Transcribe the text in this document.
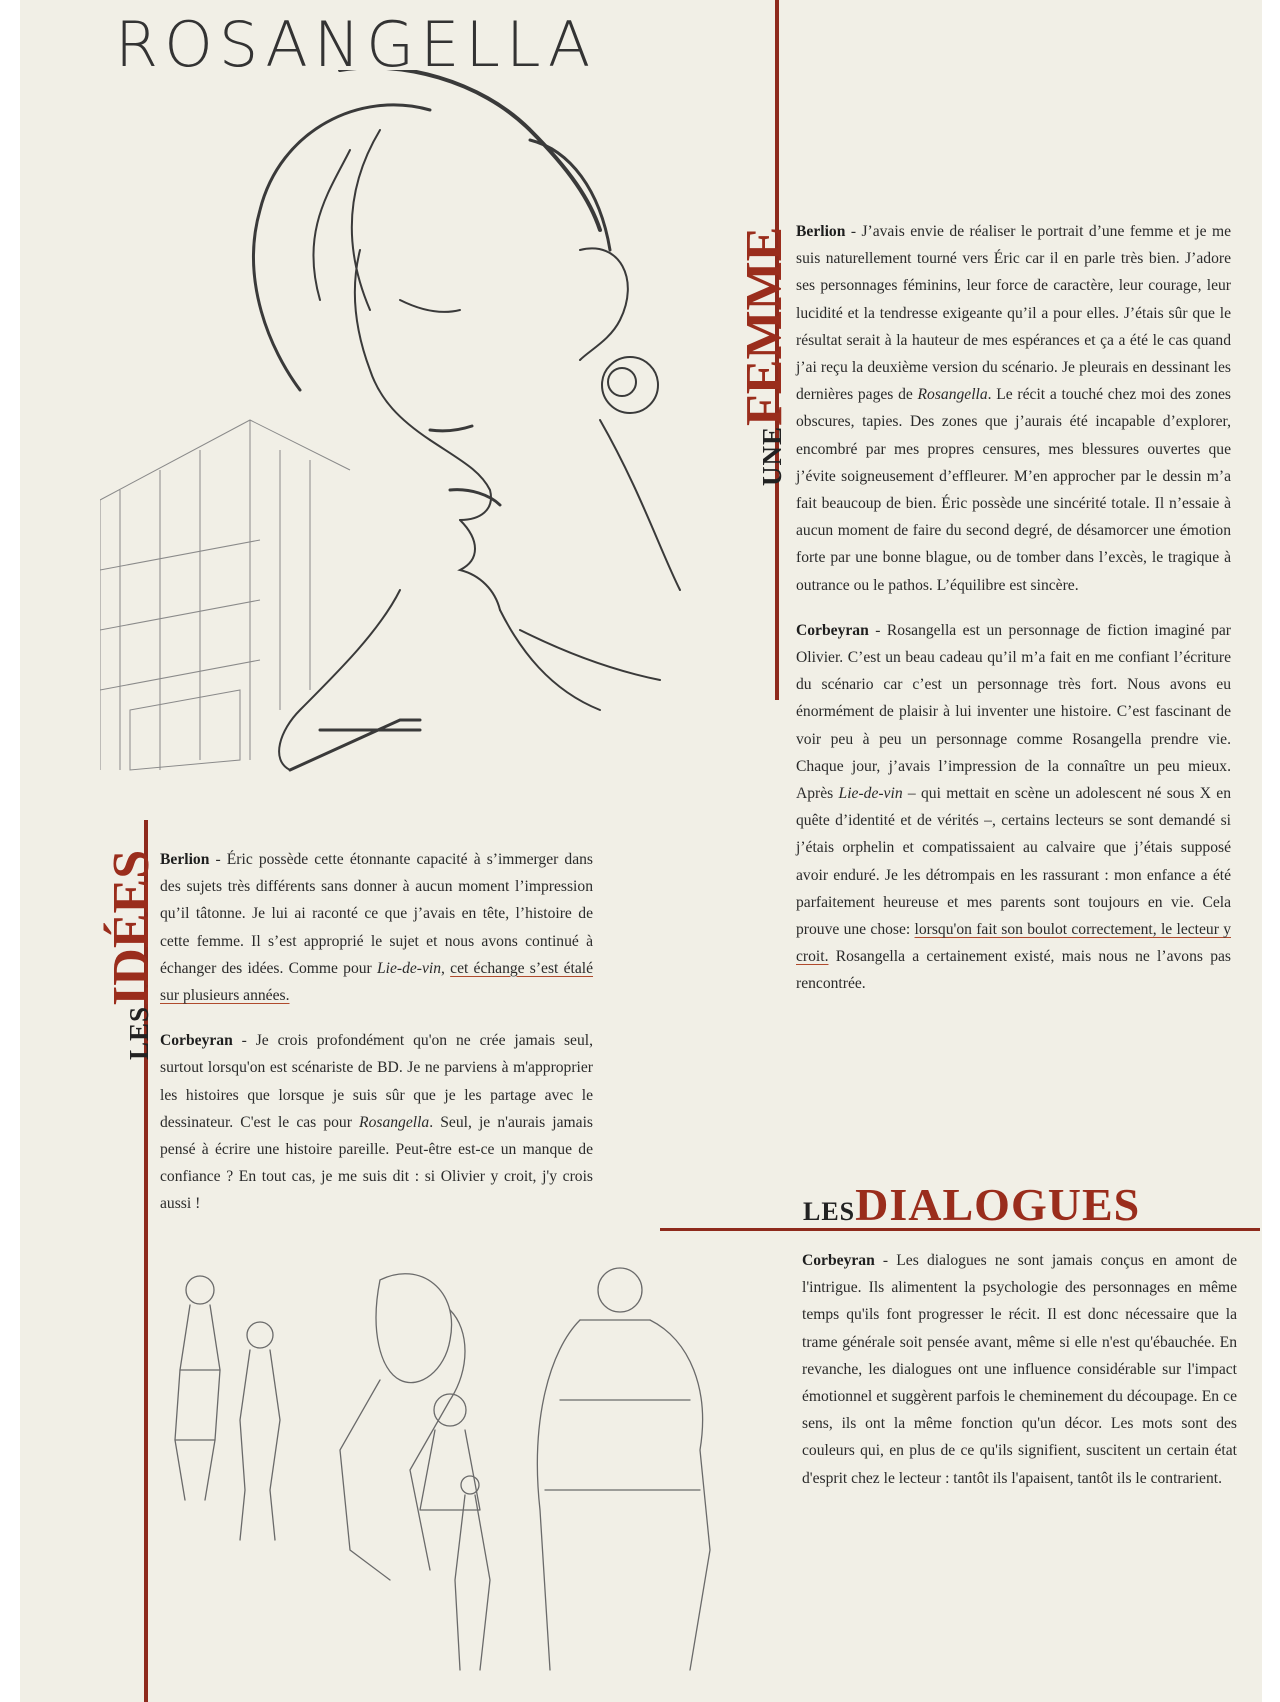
ROSANGELLA
UNEFEMME
LESIDÉES

Berlion - J’avais envie de réaliser le portrait d’une femme et je me suis naturellement tourné vers Éric car il en parle très bien. J’adore ses personnages féminins, leur force de caractère, leur courage, leur lucidité et la tendresse exigeante qu’il a pour elles. J’étais sûr que le résultat serait à la hauteur de mes espérances et ça a été le cas quand j’ai reçu la deuxième version du scénario. Je pleurais en dessinant les dernières pages de Rosangella. Le récit a touché chez moi des zones obscures, tapies. Des zones que j’aurais été incapable d’explorer, encombré par mes propres censures, mes blessures ouvertes que j’évite soigneusement d’effleurer. M’en approcher par le dessin m’a fait beaucoup de bien. Éric possède une sincérité totale. Il n’essaie à aucun moment de faire du second degré, de désamorcer une émotion forte par une bonne blague, ou de tomber dans l’excès, le tragique à outrance ou le pathos. L’équilibre est sincère.

Corbeyran - Rosangella est un personnage de fiction imaginé par Olivier. C’est un beau cadeau qu’il m’a fait en me confiant l’écriture du scénario car c’est un personnage très fort. Nous avons eu énormément de plaisir à lui inventer une histoire. C’est fascinant de voir peu à peu un personnage comme Rosangella prendre vie. Chaque jour, j’avais l’impression de la connaître un peu mieux. Après Lie-de-vin – qui mettait en scène un adolescent né sous X en quête d’identité et de vérités –, certains lecteurs se sont demandé si j’étais orphelin et compatissaient au calvaire que j’étais supposé avoir enduré. Je les détrompais en les rassurant : mon enfance a été parfaitement heureuse et mes parents sont toujours en vie. Cela prouve une chose: lorsqu'on fait son boulot correctement, le lecteur y croit. Rosangella a certainement existé, mais nous ne l’avons pas rencontrée.

Berlion - Éric possède cette étonnante capacité à s’immerger dans des sujets très différents sans donner à aucun moment l’impression qu’il tâtonne. Je lui ai raconté ce que j’avais en tête, l’histoire de cette femme. Il s’est approprié le sujet et nous avons continué à échanger des idées. Comme pour Lie-de-vin, cet échange s’est étalé sur plusieurs années.

Corbeyran - Je crois profondément qu'on ne crée jamais seul, surtout lorsqu'on est scénariste de BD. Je ne parviens à m'approprier les histoires que lorsque je suis sûr que je les partage avec le dessinateur. C'est le cas pour Rosangella. Seul, je n'aurais jamais pensé à écrire une histoire pareille. Peut-être est-ce un manque de confiance ? En tout cas, je me suis dit : si Olivier y croit, j'y crois aussi !	LESDIALOGUES

Corbeyran - Les dialogues ne sont jamais conçus en amont de l'intrigue. Ils alimentent la psychologie des personnages en même temps qu'ils font progresser le récit. Il est donc nécessaire que la trame générale soit pensée avant, même si elle n'est qu'ébauchée. En revanche, les dialogues ont une influence considérable sur l'impact émotionnel et suggèrent parfois le cheminement du découpage. En ce sens, ils ont la même fonction qu'un décor. Les mots sont des couleurs qui, en plus de ce qu'ils signifient, suscitent un certain état d'esprit chez le lecteur : tantôt ils l'apaisent, tantôt ils le contrarient.
